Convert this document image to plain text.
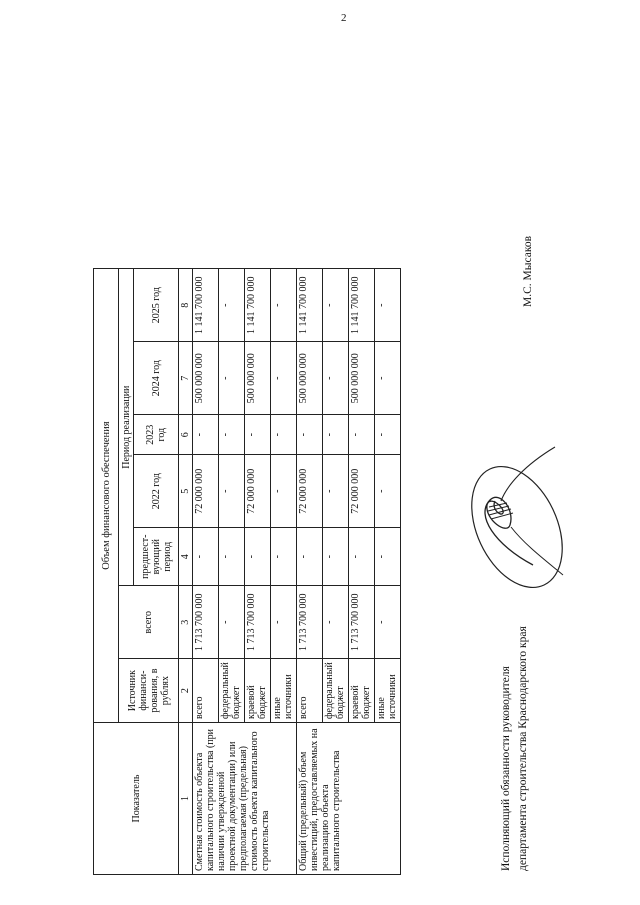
2
Показатель	Объем финансового обеспечения						
	Источник финанси-рования, в рублях	всего	Период реализации				
			предшест-вующий период	2022 год	2023 год	2024 год	2025 год
1	2	3	4	5	6	7	8
Сметная стоимость объекта капитального строительства (при наличии утвержденной проектной документации) или предполагаемая (предельная) стоимость объекта капитального строительства	всего	1 713 700 000	-	72 000 000	-	500 000 000	1 141 700 000
	федеральный бюджет	-	-	-	-	-	-
	краевой бюджет	1 713 700 000	-	72 000 000	-	500 000 000	1 141 700 000
	иные источники	-	-	-	-	-	-
Общий (предельный) объем инвестиций, предоставляемых на реализацию объекта капитального строительства	всего	1 713 700 000	-	72 000 000	-	500 000 000	1 141 700 000
	федеральный бюджет	-	-	-	-	-	-
	краевой бюджет	1 713 700 000	-	72 000 000	-	500 000 000	1 141 700 000
	иные источники	-	-	-	-	-	-
Исполняющий обязанности руководителя департамента строительства Краснодарского края
М.С. Мысаков
